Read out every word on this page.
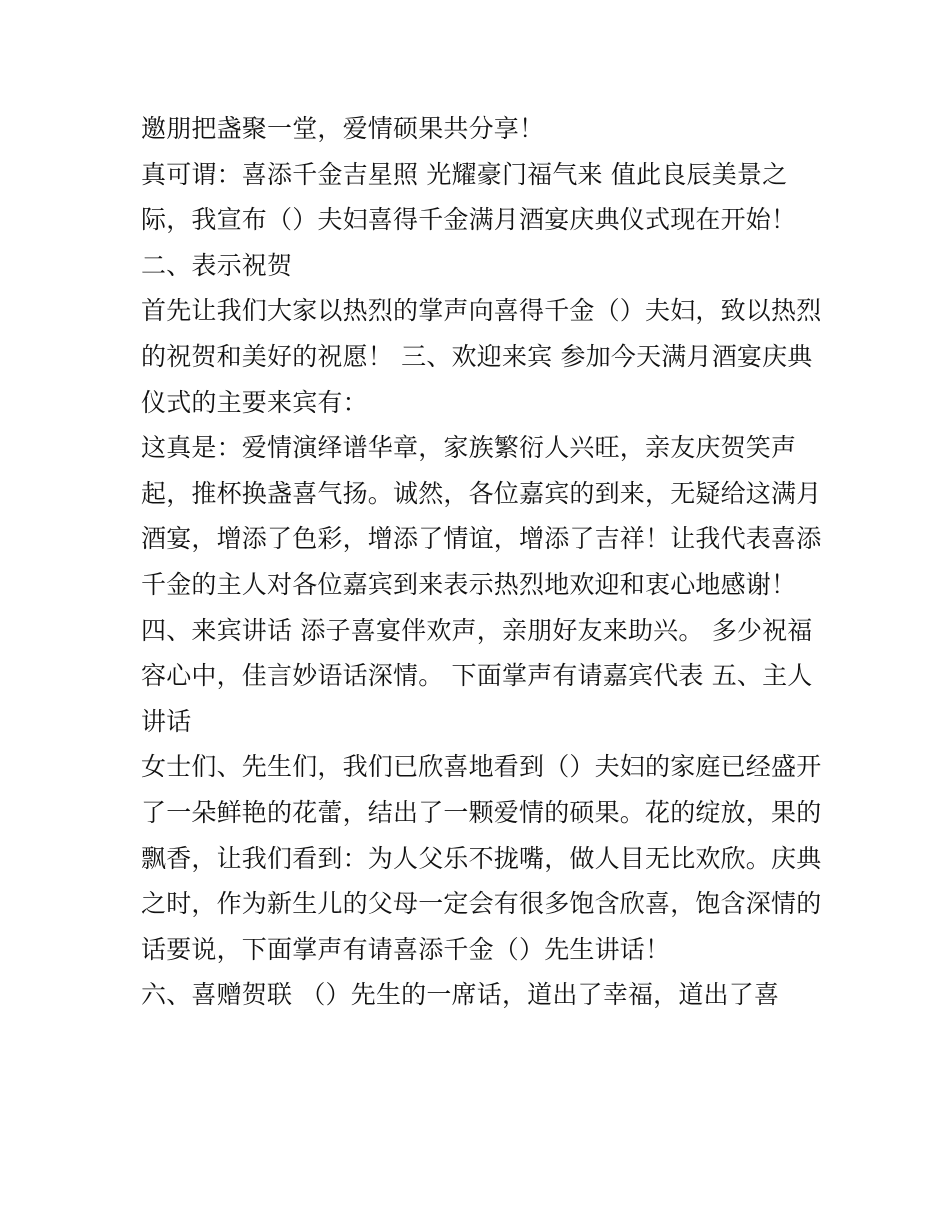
邀朋把盏聚一堂，爱情硕果共分享！
真可谓：喜添千金吉星照 光耀豪门福气来 值此良辰美景之
际，我宣布（）夫妇喜得千金满月酒宴庆典仪式现在开始！
二、表示祝贺
首先让我们大家以热烈的掌声向喜得千金（）夫妇，致以热烈
的祝贺和美好的祝愿！ 三、欢迎来宾 参加今天满月酒宴庆典
仪式的主要来宾有：
这真是：爱情演绎谱华章，家族繁衍人兴旺，亲友庆贺笑声
起，推杯换盏喜气扬。诚然，各位嘉宾的到来，无疑给这满月
酒宴，增添了色彩，增添了情谊，增添了吉祥！让我代表喜添
千金的主人对各位嘉宾到来表示热烈地欢迎和衷心地感谢！
四、来宾讲话 添子喜宴伴欢声，亲朋好友来助兴。 多少祝福
容心中，佳言妙语话深情。 下面掌声有请嘉宾代表 五、主人
讲话
女士们、先生们，我们已欣喜地看到（）夫妇的家庭已经盛开
了一朵鲜艳的花蕾，结出了一颗爱情的硕果。花的绽放，果的
飘香，让我们看到：为人父乐不拢嘴，做人目无比欢欣。庆典
之时，作为新生儿的父母一定会有很多饱含欣喜，饱含深情的
话要说，下面掌声有请喜添千金（）先生讲话！
六、喜赠贺联 （）先生的一席话，道出了幸福，道出了喜
